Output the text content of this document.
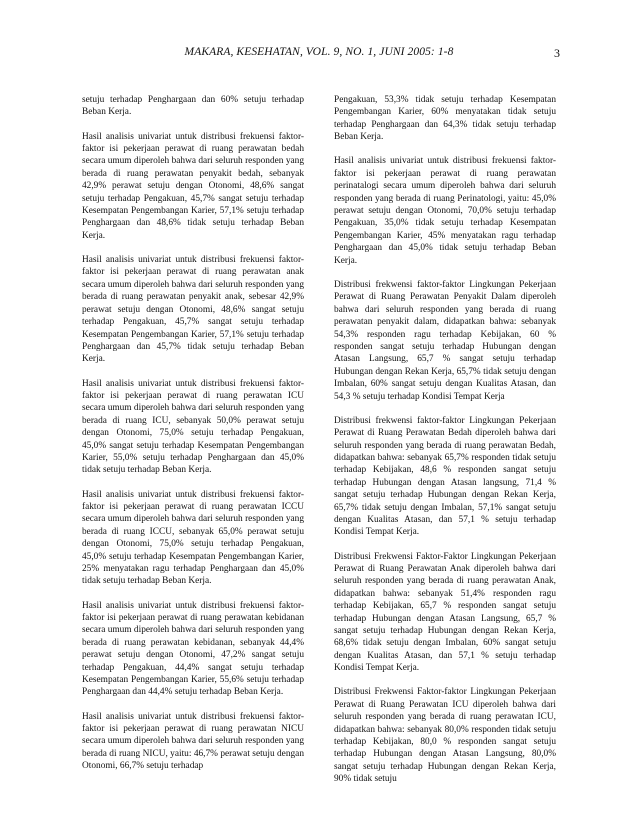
MAKARA, KESEHATAN, VOL. 9, NO. 1, JUNI 2005: 1-8	3

setuju terhadap Penghargaan dan 60% setuju terhadap Beban Kerja.

Hasil analisis univariat untuk distribusi frekuensi faktor-faktor isi pekerjaan perawat di ruang perawatan bedah secara umum diperoleh bahwa dari seluruh responden yang berada di ruang perawatan penyakit bedah, sebanyak 42,9% perawat setuju dengan Otonomi, 48,6% sangat setuju terhadap Pengakuan, 45,7% sangat setuju terhadap Kesempatan Pengembangan Karier, 57,1% setuju terhadap Penghargaan dan 48,6% tidak setuju terhadap Beban Kerja.

Hasil analisis univariat untuk distribusi frekuensi faktor-faktor isi pekerjaan perawat di ruang perawatan anak secara umum diperoleh bahwa dari seluruh responden yang berada di ruang perawatan penyakit anak, sebesar 42,9% perawat setuju dengan Otonomi, 48,6% sangat setuju terhadap Pengakuan, 45,7% sangat setuju terhadap Kesempatan Pengembangan Karier, 57,1% setuju terhadap Penghargaan dan 45,7% tidak setuju terhadap Beban Kerja.

Hasil analisis univariat untuk distribusi frekuensi faktor-faktor isi pekerjaan perawat di ruang perawatan ICU secara umum diperoleh bahwa dari seluruh responden yang berada di ruang ICU, sebanyak 50,0% perawat setuju dengan Otonomi, 75,0% setuju terhadap Pengakuan, 45,0% sangat setuju terhadap Kesempatan Pengembangan Karier, 55,0% setuju terhadap Penghargaan dan 45,0% tidak setuju terhadap Beban Kerja.

Hasil analisis univariat untuk distribusi frekuensi faktor-faktor isi pekerjaan perawat di ruang perawatan ICCU secara umum diperoleh bahwa dari seluruh responden yang berada di ruang ICCU, sebanyak 65,0% perawat setuju dengan Otonomi, 75,0% setuju terhadap Pengakuan, 45,0% setuju terhadap Kesempatan Pengembangan Karier, 25% menyatakan ragu terhadap Penghargaan dan 45,0% tidak setuju terhadap Beban Kerja.

Hasil analisis univariat untuk distribusi frekuensi faktor-faktor isi pekerjaan perawat di ruang perawatan kebidanan secara umum diperoleh bahwa dari seluruh responden yang berada di ruang perawatan kebidanan, sebanyak 44,4% perawat setuju dengan Otonomi, 47,2% sangat setuju terhadap Pengakuan, 44,4% sangat setuju terhadap Kesempatan Pengembangan Karier, 55,6% setuju terhadap Penghargaan dan 44,4% setuju terhadap Beban Kerja.

Hasil analisis univariat untuk distribusi frekuensi faktor-faktor isi pekerjaan perawat di ruang perawatan NICU secara umum diperoleh bahwa dari seluruh responden yang berada di ruang NICU, yaitu: 46,7% perawat setuju dengan Otonomi, 66,7% setuju terhadap

Pengakuan, 53,3% tidak setuju terhadap Kesempatan Pengembangan Karier, 60% menyatakan tidak setuju terhadap Penghargaan dan 64,3% tidak setuju terhadap Beban Kerja.

Hasil analisis univariat untuk distribusi frekuensi faktor-faktor isi pekerjaan perawat di ruang perawatan perinatalogi secara umum diperoleh bahwa dari seluruh responden yang berada di ruang Perinatologi, yaitu: 45,0% perawat setuju dengan Otonomi, 70,0% setuju terhadap Pengakuan, 35,0% tidak setuju terhadap Kesempatan Pengembangan Karier, 45% menyatakan ragu terhadap Penghargaan dan 45,0% tidak setuju terhadap Beban Kerja.

Distribusi frekwensi faktor-faktor Lingkungan Pekerjaan Perawat di Ruang Perawatan Penyakit Dalam diperoleh bahwa dari seluruh responden yang berada di ruang perawatan penyakit dalam, didapatkan bahwa: sebanyak 54,3% responden ragu terhadap Kebijakan, 60 % responden sangat setuju terhadap Hubungan dengan Atasan Langsung, 65,7 % sangat setuju terhadap Hubungan dengan Rekan Kerja, 65,7% tidak setuju dengan Imbalan, 60% sangat setuju dengan Kualitas Atasan, dan 54,3 % setuju terhadap Kondisi Tempat Kerja

Distribusi frekwensi faktor-faktor Lingkungan Pekerjaan Perawat di Ruang Perawatan Bedah diperoleh bahwa dari seluruh responden yang berada di ruang perawatan Bedah, didapatkan bahwa: sebanyak 65,7% responden tidak setuju terhadap Kebijakan, 48,6 % responden sangat setuju terhadap Hubungan dengan Atasan langsung, 71,4 % sangat setuju terhadap Hubungan dengan Rekan Kerja, 65,7% tidak setuju dengan Imbalan, 57,1% sangat setuju dengan Kualitas Atasan, dan 57,1 % setuju terhadap Kondisi Tempat Kerja.

Distribusi Frekwensi Faktor-Faktor Lingkungan Pekerjaan Perawat di Ruang Perawatan Anak diperoleh bahwa dari seluruh responden yang berada di ruang perawatan Anak, didapatkan bahwa: sebanyak 51,4% responden ragu terhadap Kebijakan, 65,7 % responden sangat setuju terhadap Hubungan dengan Atasan Langsung, 65,7 % sangat setuju terhadap Hubungan dengan Rekan Kerja, 68,6% tidak setuju dengan Imbalan, 60% sangat setuju dengan Kualitas Atasan, dan 57,1 % setuju terhadap Kondisi Tempat Kerja.

Distribusi Frekwensi Faktor-faktor Lingkungan Pekerjaan Perawat di Ruang Perawatan ICU diperoleh bahwa dari seluruh responden yang berada di ruang perawatan ICU, didapatkan bahwa: sebanyak 80,0% responden tidak setuju terhadap Kebijakan, 80,0 % responden sangat setuju terhadap Hubungan dengan Atasan Langsung, 80,0% sangat setuju terhadap Hubungan dengan Rekan Kerja, 90% tidak setuju
